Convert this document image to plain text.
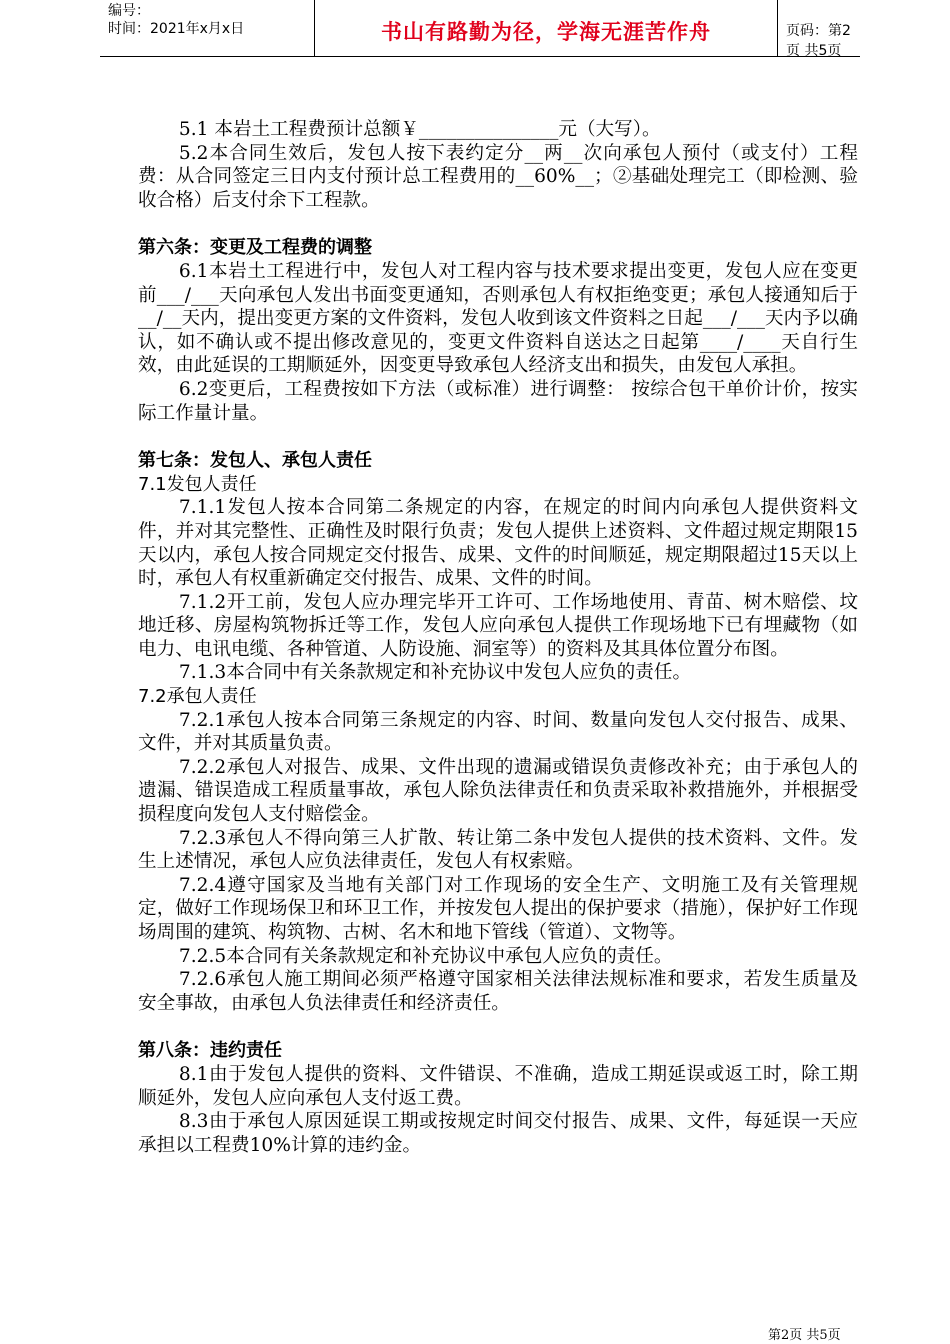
编号：
时间：2021年x月x日	书山有路勤为径，学海无涯苦作舟	页码：第2页 共5页

5.1 本岩土工程费预计总额￥_______________元（大写）。

5.2本合同生效后，发包人按下表约定分__两__次向承包人预付（或支付）工程费：从合同签定三日内支付预计总工程费用的__60%__；②基础处理完工（即检测、验收合格）后支付余下工程款。

第六条：变更及工程费的调整

6.1本岩土工程进行中，发包人对工程内容与技术要求提出变更，发包人应在变更前___/___天向承包人发出书面变更通知，否则承包人有权拒绝变更；承包人接通知后于__/__天内，提出变更方案的文件资料，发包人收到该文件资料之日起___/___天内予以确认，如不确认或不提出修改意见的，变更文件资料自送达之日起第____/____天自行生效，由此延误的工期顺延外，因变更导致承包人经济支出和损失，由发包人承担。

6.2变更后，工程费按如下方法（或标准）进行调整： 按综合包干单价计价，按实际工作量计量。

第七条：发包人、承包人责任

7.1发包人责任

7.1.1发包人按本合同第二条规定的内容，在规定的时间内向承包人提供资料文件，并对其完整性、正确性及时限行负责；发包人提供上述资料、文件超过规定期限15天以内，承包人按合同规定交付报告、成果、文件的时间顺延，规定期限超过15天以上时，承包人有权重新确定交付报告、成果、文件的时间。

7.1.2开工前，发包人应办理完毕开工许可、工作场地使用、青苗、树木赔偿、坟地迁移、房屋构筑物拆迁等工作，发包人应向承包人提供工作现场地下已有埋藏物（如电力、电讯电缆、各种管道、人防设施、洞室等）的资料及其具体位置分布图。

7.1.3本合同中有关条款规定和补充协议中发包人应负的责任。

7.2承包人责任

7.2.1承包人按本合同第三条规定的内容、时间、数量向发包人交付报告、成果、文件，并对其质量负责。

7.2.2承包人对报告、成果、文件出现的遗漏或错误负责修改补充；由于承包人的遗漏、错误造成工程质量事故，承包人除负法律责任和负责采取补救措施外，并根据受损程度向发包人支付赔偿金。

7.2.3承包人不得向第三人扩散、转让第二条中发包人提供的技术资料、文件。发生上述情况，承包人应负法律责任，发包人有权索赔。

7.2.4遵守国家及当地有关部门对工作现场的安全生产、文明施工及有关管理规定，做好工作现场保卫和环卫工作，并按发包人提出的保护要求（措施），保护好工作现场周围的建筑、构筑物、古树、名木和地下管线（管道）、文物等。

7.2.5本合同有关条款规定和补充协议中承包人应负的责任。

7.2.6承包人施工期间必须严格遵守国家相关法律法规标准和要求，若发生质量及安全事故，由承包人负法律责任和经济责任。

第八条：违约责任

8.1由于发包人提供的资料、文件错误、不准确，造成工期延误或返工时，除工期顺延外，发包人应向承包人支付返工费。

8.3由于承包人原因延误工期或按规定时间交付报告、成果、文件，每延误一天应承担以工程费10%计算的违约金。

第2页 共5页
